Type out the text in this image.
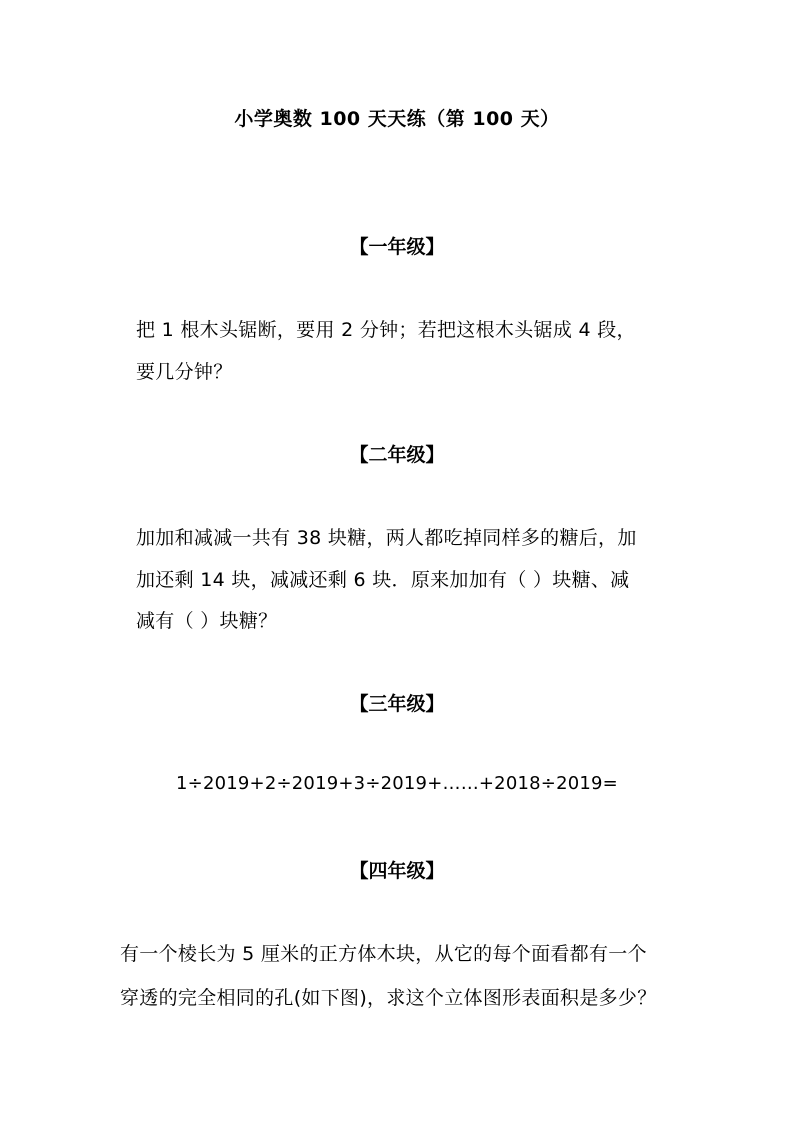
小学奥数 100 天天练（第 100 天）
【一年级】
把 1 根木头锯断，要用 2 分钟；若把这根木头锯成 4 段，
要几分钟？
【二年级】
加加和减减一共有 38 块糖，两人都吃掉同样多的糖后，加
加还剩 14 块，减减还剩 6 块．原来加加有（ ）块糖、减
减有（ ）块糖？
【三年级】
1÷2019+2÷2019+3÷2019+……+2018÷2019=
【四年级】
有一个棱长为 5 厘米的正方体木块，从它的每个面看都有一个
穿透的完全相同的孔(如下图)，求这个立体图形表面积是多少？
